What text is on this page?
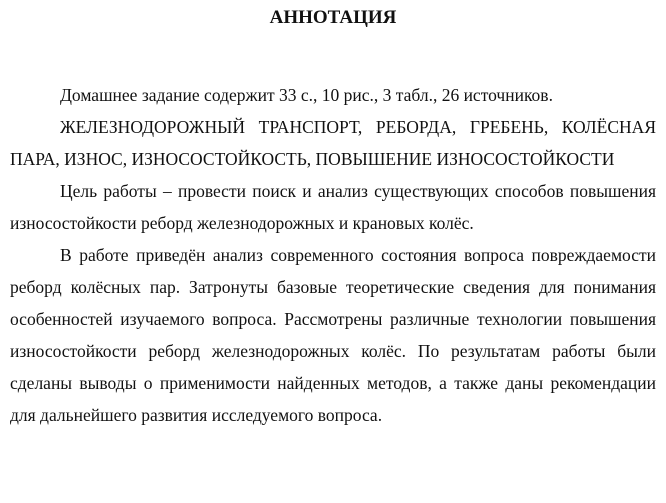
АННОТАЦИЯ

Домашнее задание содержит 33 с., 10 рис., 3 табл., 26 источников.

ЖЕЛЕЗНОДОРОЖНЫЙ ТРАНСПОРТ, РЕБОРДА, ГРЕБЕНЬ, КОЛЁСНАЯ ПАРА, ИЗНОС, ИЗНОСОСТОЙКОСТЬ, ПОВЫШЕНИЕ ИЗНОСОСТОЙКОСТИ

Цель работы – провести поиск и анализ существующих способов повышения износостойкости реборд железнодорожных и крановых колёс.

В работе приведён анализ современного состояния вопроса повреждаемости реборд колёсных пар. Затронуты базовые теоретические сведения для понимания особенностей изучаемого вопроса. Рассмотрены различные технологии повышения износостойкости реборд железнодорожных колёс. По результатам работы были сделаны выводы о применимости найденных методов, а также даны рекомендации для дальнейшего развития исследуемого вопроса.
